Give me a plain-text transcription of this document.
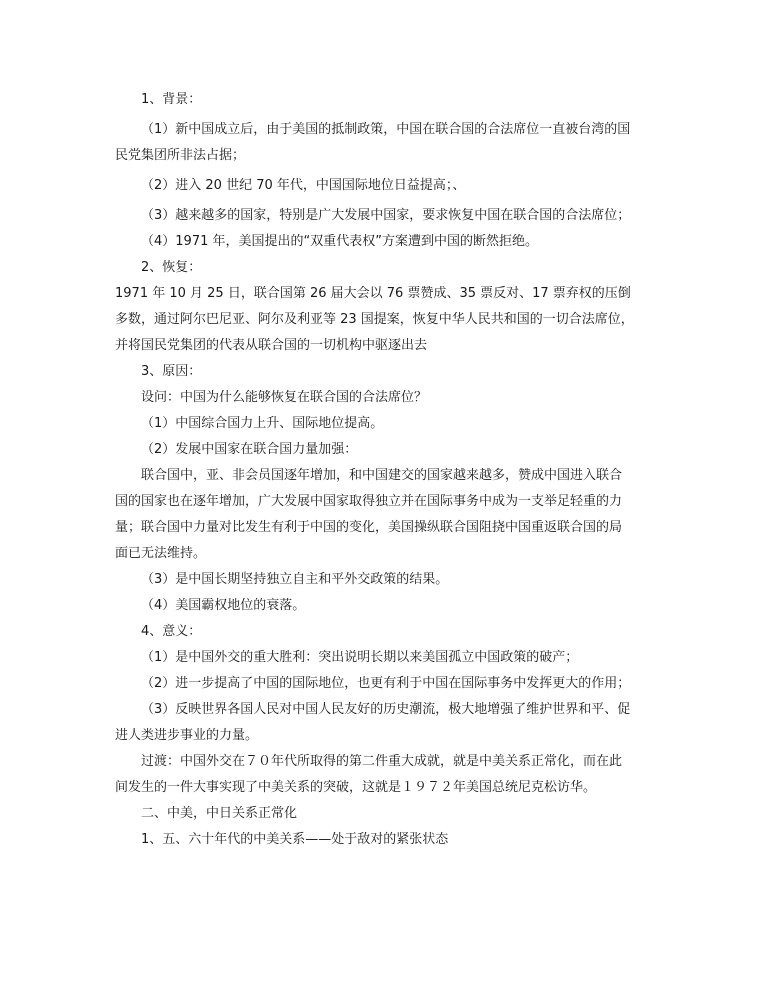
1、背景：
（1）新中国成立后，由于美国的抵制政策，中国在联合国的合法席位一直被台湾的国
民党集团所非法占据；
（2）进入 20 世纪 70 年代，中国国际地位日益提高；、
（3）越来越多的国家，特别是广大发展中国家，要求恢复中国在联合国的合法席位；
（4）1971 年，美国提出的“双重代表权”方案遭到中国的断然拒绝。
2、恢复：
1971 年 10 月 25 日，联合国第 26 届大会以 76 票赞成、35 票反对、17 票弃权的压倒
多数，通过阿尔巴尼亚、阿尔及利亚等 23 国提案，恢复中华人民共和国的一切合法席位，
并将国民党集团的代表从联合国的一切机构中驱逐出去
3、原因：
设问：中国为什么能够恢复在联合国的合法席位？
（1）中国综合国力上升、国际地位提高。
（2）发展中国家在联合国力量加强：
联合国中，亚、非会员国逐年增加，和中国建交的国家越来越多，赞成中国进入联合
国的国家也在逐年增加，广大发展中国家取得独立并在国际事务中成为一支举足轻重的力
量；联合国中力量对比发生有利于中国的变化，美国操纵联合国阻挠中国重返联合国的局
面已无法维持。
（3）是中国长期坚持独立自主和平外交政策的结果。
（4）美国霸权地位的衰落。
4、意义：
（1）是中国外交的重大胜利：突出说明长期以来美国孤立中国政策的破产；
（2）进一步提高了中国的国际地位，也更有利于中国在国际事务中发挥更大的作用；
（3）反映世界各国人民对中国人民友好的历史潮流，极大地增强了维护世界和平、促
进人类进步事业的力量。
过渡：中国外交在７０年代所取得的第二件重大成就，就是中美关系正常化，而在此
间发生的一件大事实现了中美关系的突破，这就是１９７２年美国总统尼克松访华。
二、中美，中日关系正常化
1、五、六十年代的中美关系——处于敌对的紧张状态
